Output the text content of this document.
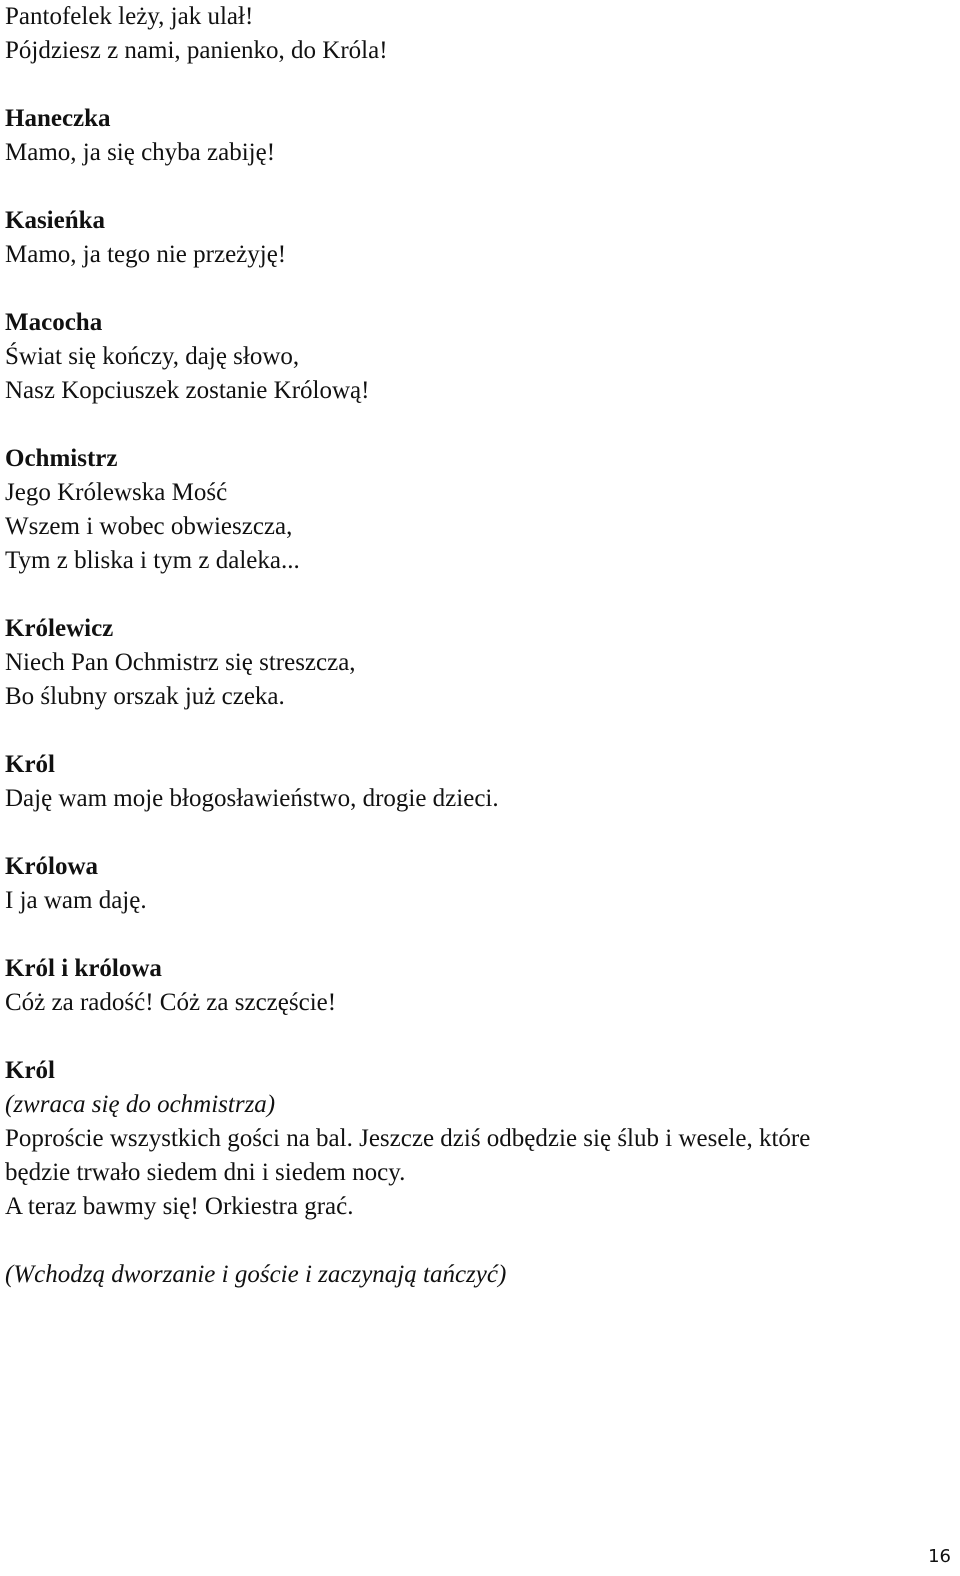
Pantofelek leży, jak ulał!
Pójdziesz z nami, panienko, do Króla!
Haneczka
Mamo, ja się chyba zabiję!
Kasieńka
Mamo, ja tego nie przeżyję!
Macocha
Świat się kończy, daję słowo,
Nasz Kopciuszek zostanie Królową!
Ochmistrz
Jego Królewska Mość
Wszem i wobec obwieszcza,
Tym z bliska i tym z daleka...
Królewicz
Niech Pan Ochmistrz się streszcza,
Bo ślubny orszak już czeka.
Król
Daję wam moje błogosławieństwo, drogie dzieci.
Królowa
I ja wam daję.
Król i królowa
Cóż za radość! Cóż za szczęście!
Król
(zwraca się do ochmistrza)
Poproście wszystkich gości na bal. Jeszcze dziś odbędzie się ślub i wesele, które
będzie trwało siedem dni i siedem nocy.
A teraz bawmy się! Orkiestra grać.
(Wchodzą dworzanie i goście i zaczynają tańczyć)
16
